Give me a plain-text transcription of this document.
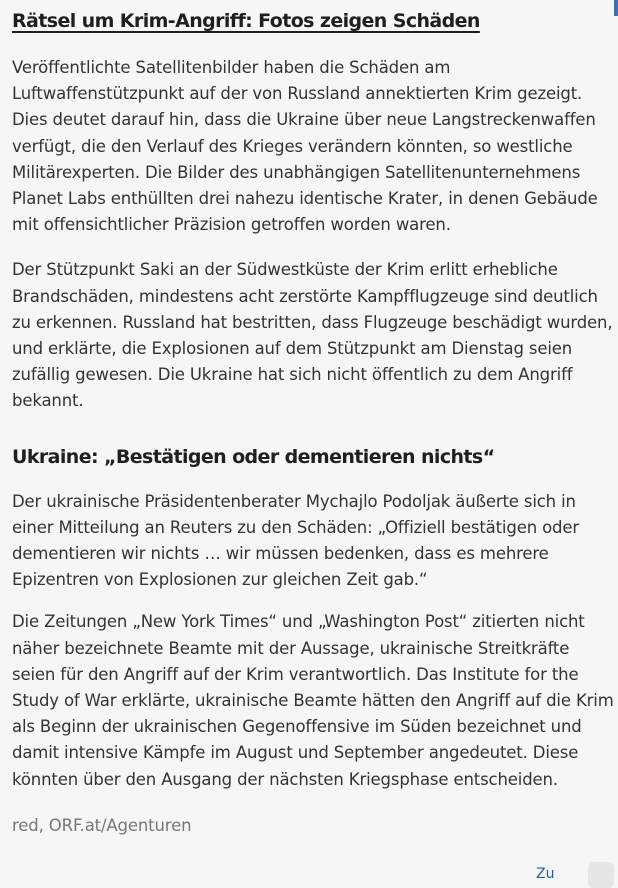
Rätsel um Krim-Angriff: Fotos zeigen Schäden

Veröffentlichte Satellitenbilder haben die Schäden am Luftwaffenstützpunkt auf der von Russland annektierten Krim gezeigt. Dies deutet darauf hin, dass die Ukraine über neue Langstreckenwaffen verfügt, die den Verlauf des Krieges verändern könnten, so westliche Militärexperten. Die Bilder des unabhängigen Satellitenunternehmens Planet Labs enthüllten drei nahezu identische Krater, in denen Gebäude mit offensichtlicher Präzision getroffen worden waren.

Der Stützpunkt Saki an der Südwestküste der Krim erlitt erhebliche Brandschäden, mindestens acht zerstörte Kampfflugzeuge sind deutlich zu erkennen. Russland hat bestritten, dass Flugzeuge beschädigt wurden, und erklärte, die Explosionen auf dem Stützpunkt am Dienstag seien zufällig gewesen. Die Ukraine hat sich nicht öffentlich zu dem Angriff bekannt.

Ukraine: „Bestätigen oder dementieren nichts“

Der ukrainische Präsidentenberater Mychajlo Podoljak äußerte sich in einer Mitteilung an Reuters zu den Schäden: „Offiziell bestätigen oder dementieren wir nichts … wir müssen bedenken, dass es mehrere Epizentren von Explosionen zur gleichen Zeit gab.“

Die Zeitungen „New York Times“ und „Washington Post“ zitierten nicht näher bezeichnete Beamte mit der Aussage, ukrainische Streitkräfte seien für den Angriff auf der Krim verantwortlich. Das Institute for the Study of War erklärte, ukrainische Beamte hätten den Angriff auf die Krim als Beginn der ukrainischen Gegenoffensive im Süden bezeichnet und damit intensive Kämpfe im August und September angedeutet. Diese könnten über den Ausgang der nächsten Kriegsphase entscheiden.

red, ORF.at/Agenturen

Zu
